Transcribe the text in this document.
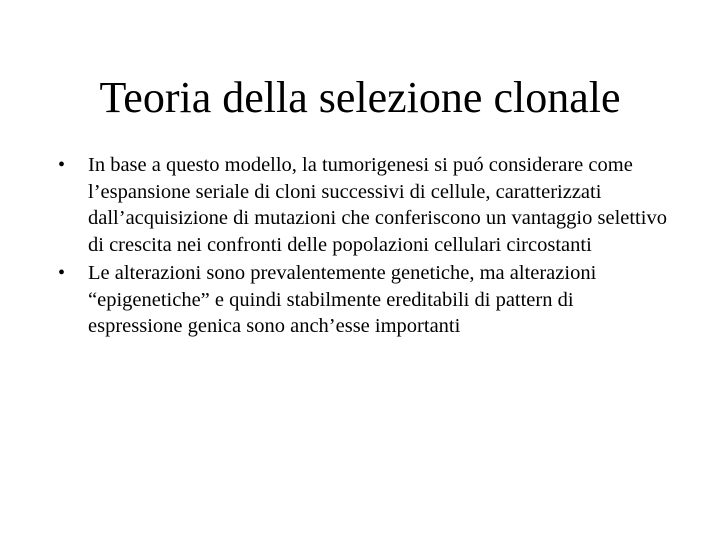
Teoria della selezione clonale
•	In base a questo modello, la tumorigenesi si puó considerare come l’espansione seriale di cloni successivi di cellule, caratterizzati dall’acquisizione di mutazioni che conferiscono un vantaggio selettivo di crescita nei confronti delle popolazioni cellulari circostanti
•	Le alterazioni sono prevalentemente genetiche, ma alterazioni “epigenetiche” e quindi stabilmente ereditabili di pattern di espressione genica sono anch’esse importanti
